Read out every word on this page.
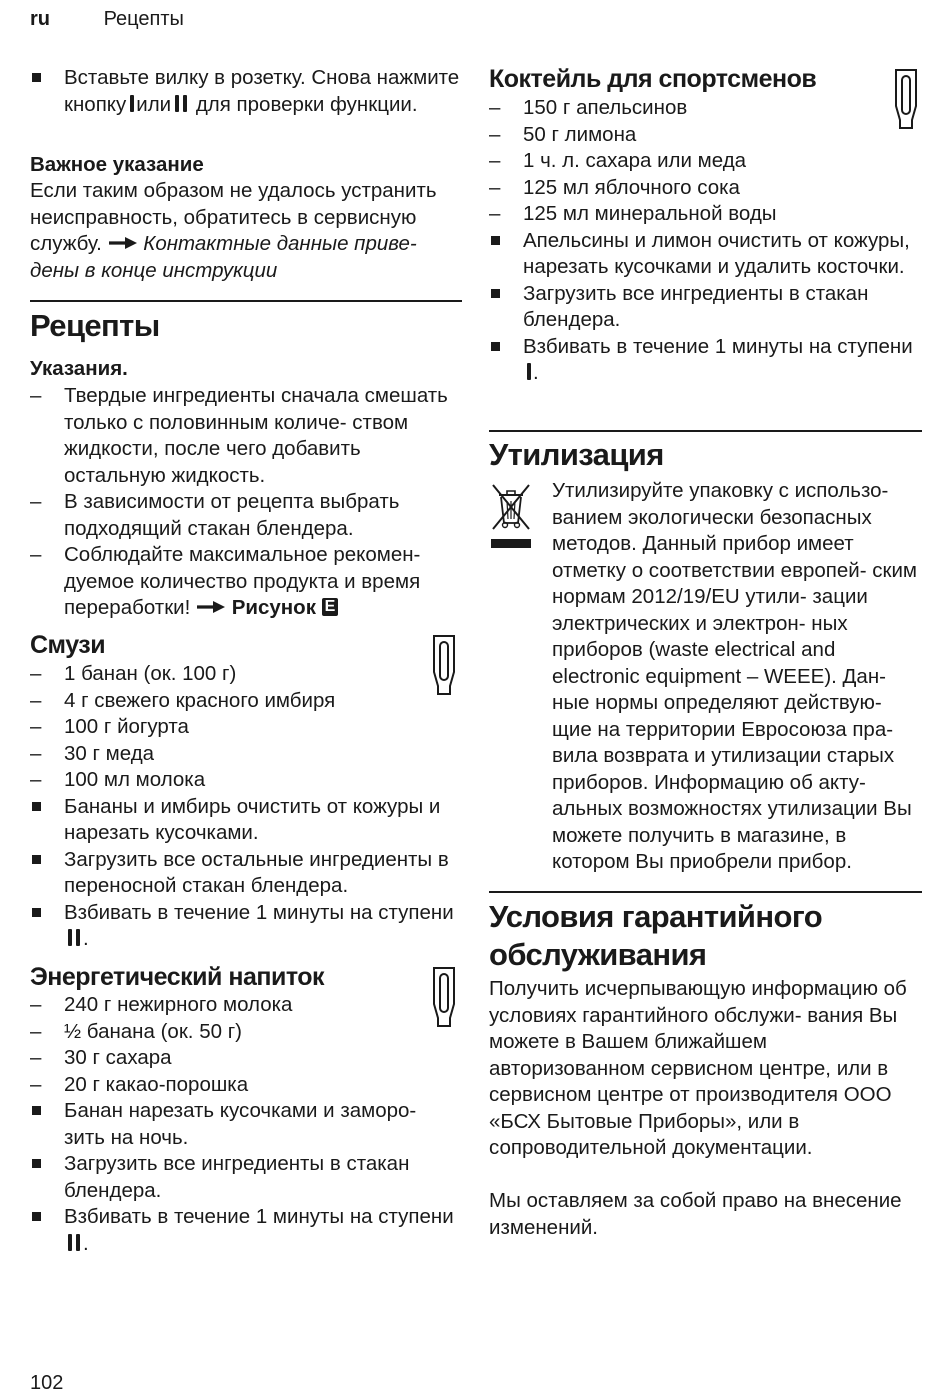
ru	Рецепты
Вставьте вилку в розетку. Снова нажмите кнопку или для проверки функции.
Важное указание
Если таким образом не удалось устранить неисправность, обратитесь в сервисную службу. Контактные данные приве- дены в конце инструкции
Рецепты
Указания.
– Твердые ингредиенты сначала смешать только с половинным количе- ством жидкости, после чего добавить остальную жидкость.
– В зависимости от рецепта выбрать подходящий стакан блендера.
– Соблюдайте максимальное рекомен- дуемое количество продукта и время переработки! Рисунок E
Смузи
– 1 банан (ок. 100 г)
– 4 г свежего красного имбиря
– 100 г йогурта
– 30 г меда
– 100 мл молока
Бананы и имбирь очистить от кожуры и нарезать кусочками.
Загрузить все остальные ингредиенты в переносной стакан блендера.
Взбивать в течение 1 минуты на ступени.
Энергетический напиток
– 240 г нежирного молока
– ½ банана (ок. 50 г)
– 30 г сахара
– 20 г какао-порошка
Банан нарезать кусочками и заморо- зить на ночь.
Загрузить все ингредиенты в стакан блендера.
Взбивать в течение 1 минуты на ступени.
Коктейль для спортсменов
– 150 г апельсинов
– 50 г лимона
– 1 ч. л. сахара или меда
– 125 мл яблочного сока
– 125 мл минеральной воды
Апельсины и лимон очистить от кожуры, нарезать кусочками и удалить косточки.
Загрузить все ингредиенты в стакан блендера.
Взбивать в течение 1 минуты на ступени.
Утилизация
Утилизируйте упаковку с использо- ванием экологически безопасных методов. Данный прибор имеет отметку о соответствии европей- ским нормам 2012/19/EU утили- зации электрических и электрон- ных приборов (waste electrical and electronic equipment – WEEE). Дан- ные нормы определяют действую- щие на территории Евросоюза пра- вила возврата и утилизации старых приборов. Информацию об акту- альных возможностях утилизации Вы можете получить в магазине, в котором Вы приобрели прибор.
Условия гарантийного обслуживания
Получить исчерпывающую информацию об условиях гарантийного обслужи- вания Вы можете в Вашем ближайшем авторизованном сервисном центре, или в сервисном центре от производителя ООО «БСХ Бытовые Приборы», или в сопроводительной документации.
Мы оставляем за собой право на внесение изменений.
102
